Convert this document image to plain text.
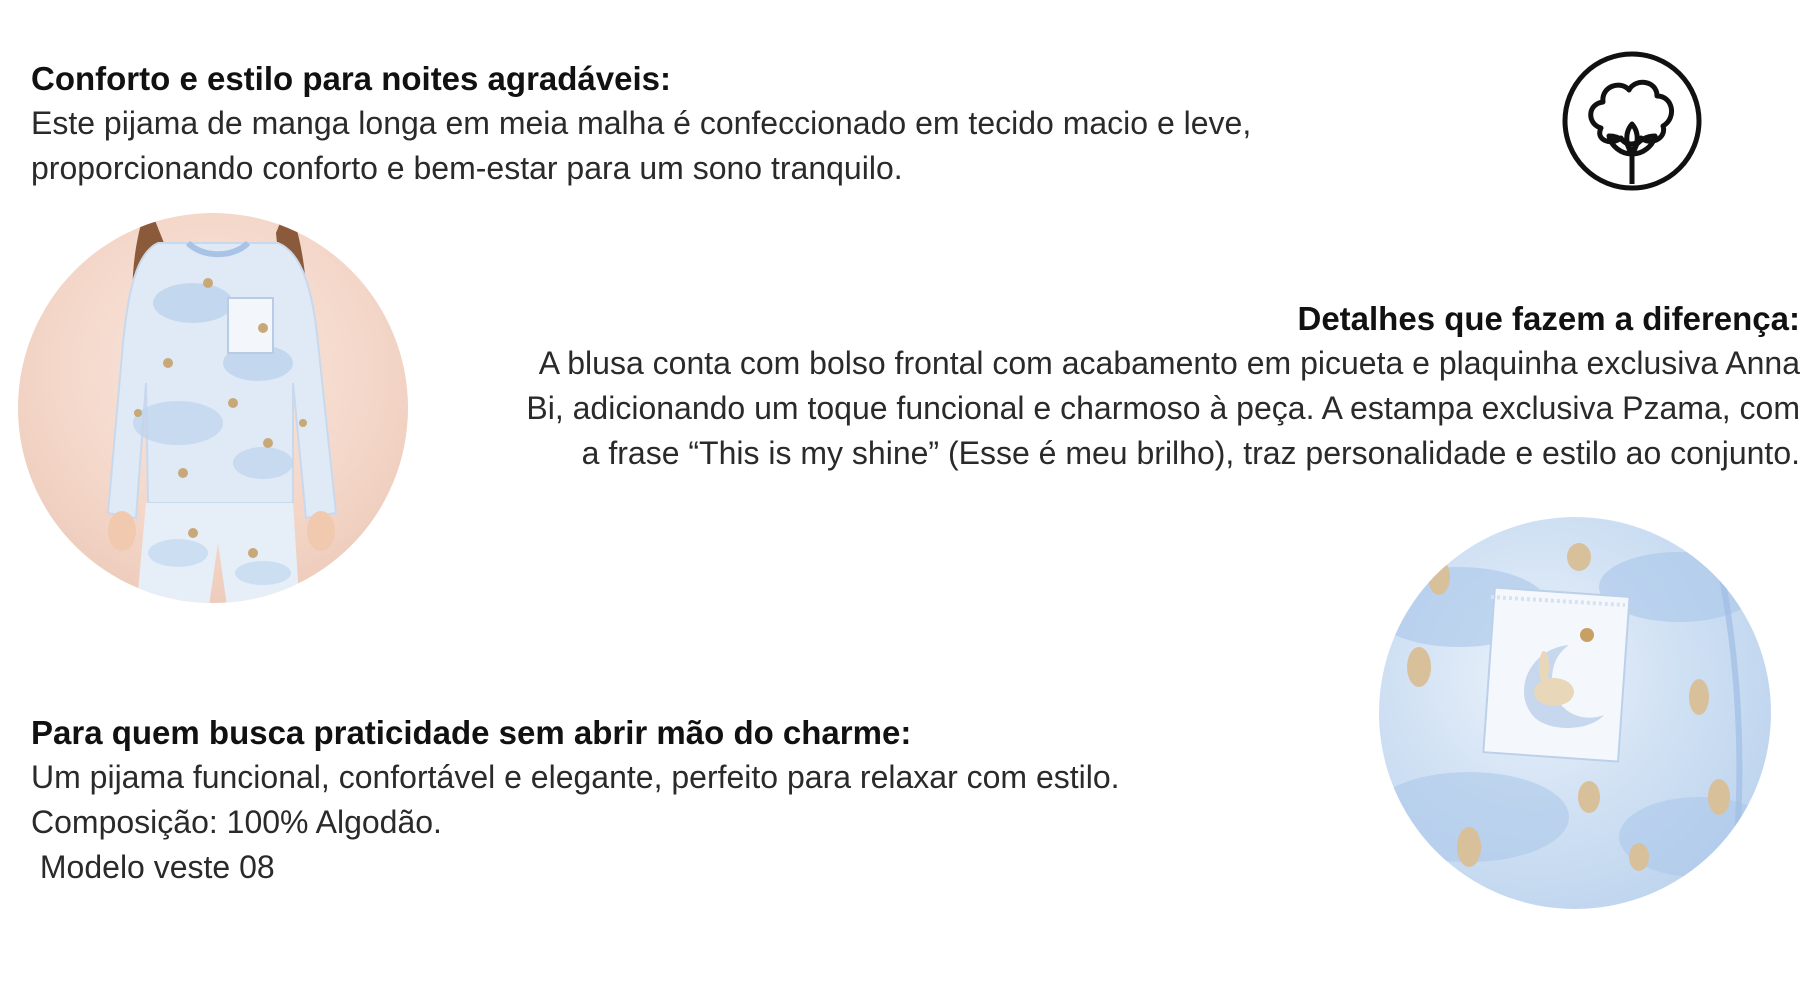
Conforto e estilo para noites agradáveis:
Este pijama de manga longa em meia malha é confeccionado em tecido macio e leve,
proporcionando conforto e bem-estar para um sono tranquilo.
Detalhes que fazem a diferença:
A blusa conta com bolso frontal com acabamento em picueta e plaquinha exclusiva Anna
Bi, adicionando um toque funcional e charmoso à peça. A estampa exclusiva Pzama, com
a frase “This is my shine” (Esse é meu brilho), traz personalidade e estilo ao conjunto.
Para quem busca praticidade sem abrir mão do charme:
Um pijama funcional, confortável e elegante, perfeito para relaxar com estilo.
Composição: 100% Algodão.
Modelo veste 08
